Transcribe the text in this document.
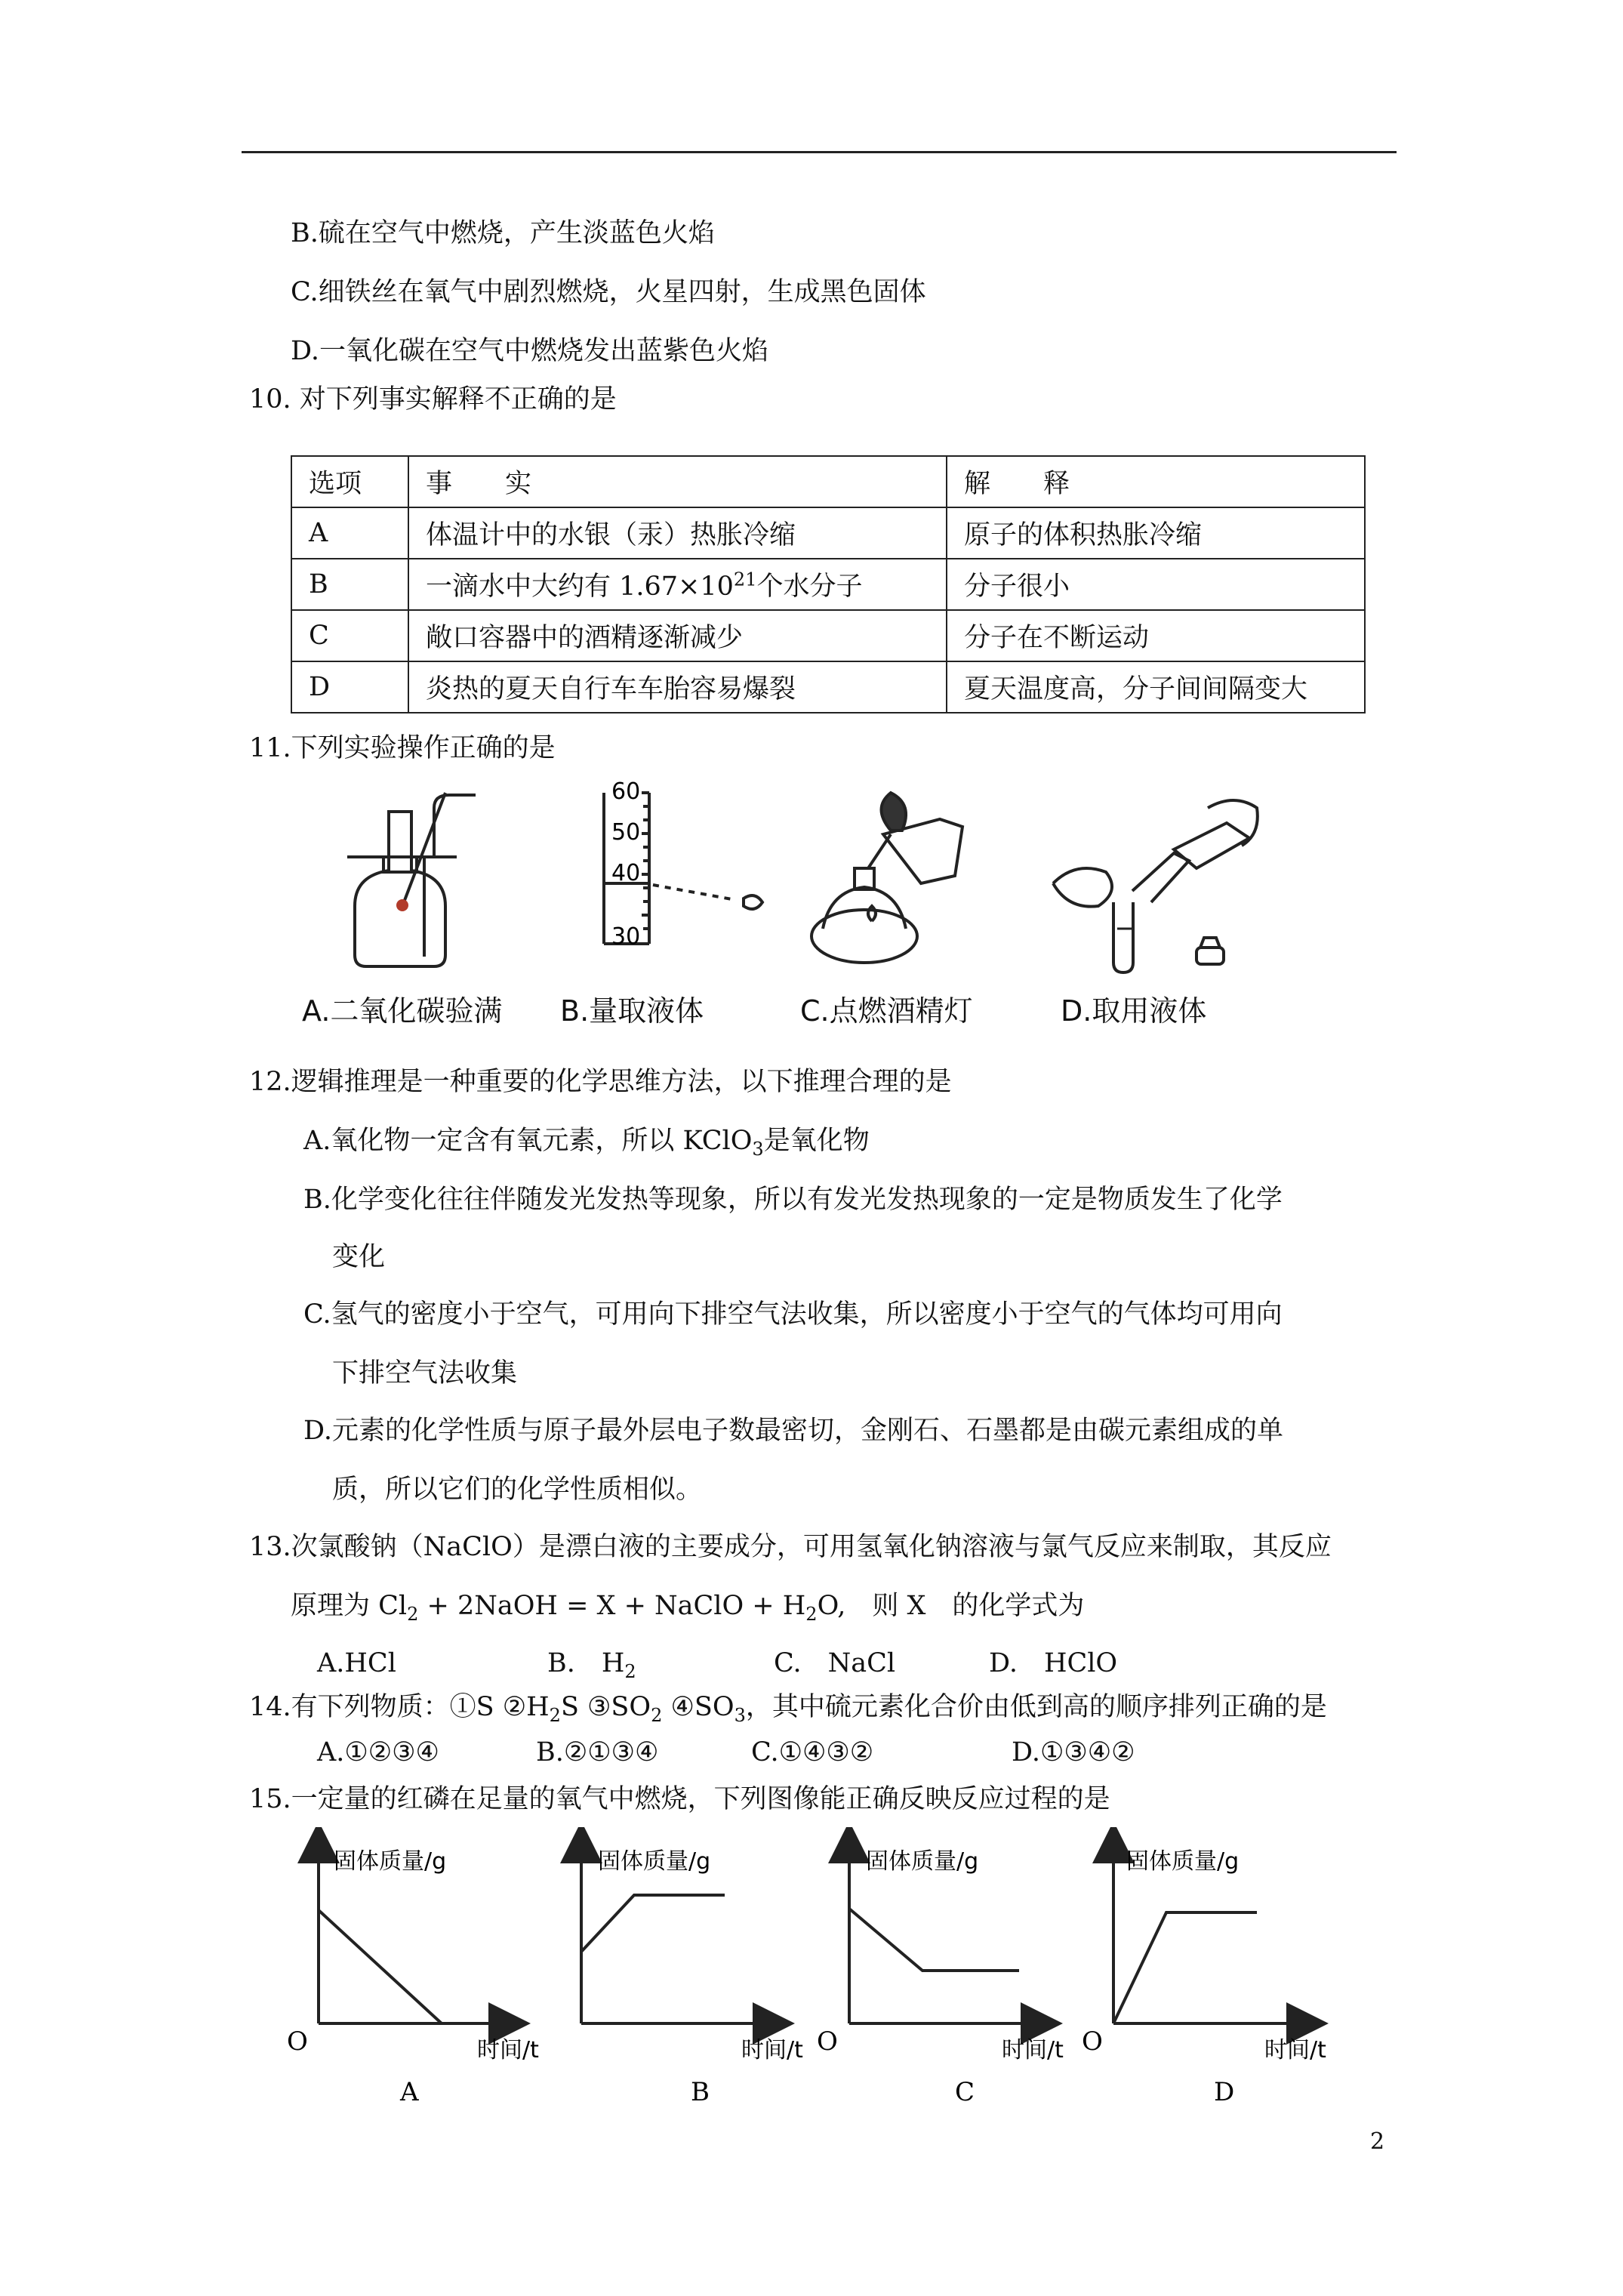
B.硫在空气中燃烧，产生淡蓝色火焰
C.细铁丝在氧气中剧烈燃烧，火星四射，生成黑色固体
D.一氧化碳在空气中燃烧发出蓝紫色火焰
10. 对下列事实解释不正确的是
选项	事　　实	解　　释
A	体温计中的水银（汞）热胀冷缩	原子的体积热胀冷缩
B	一滴水中大约有 $1.67\times 10^{21}$个水分子	分子很小
C	敞口容器中的酒精逐渐减少	分子在不断运动
D	炎热的夏天自行车车胎容易爆裂	夏天温度高，分子间间隔变大
11.下列实验操作正确的是
60
50
40
30
A.二氧化碳验满 B.量取液体	C.点燃酒精灯	D.取用液体
12.逻辑推理是一种重要的化学思维方法，以下推理合理的是
A.氧化物一定含有氧元素，所以 KClO$_3$是氧化物
B.化学变化往往伴随发光发热等现象，所以有发光发热现象的一定是物质发生了化学
变化
C.氢气的密度小于空气，可用向下排空气法收集，所以密度小于空气的气体均可用向
下排空气法收集
D.元素的化学性质与原子最外层电子数最密切，金刚石、石墨都是由碳元素组成的单
质，所以它们的化学性质相似。
13.次氯酸钠（NaClO）是漂白液的主要成分，可用氢氧化钠溶液与氯气反应来制取，其反应
原理为 $Cl_2$ + 2NaOH = X + NaClO + $H_2O$,　则 X　的化学式为
A.HCl	B.　$H_2$	C.　NaCl	D.　HClO
14.有下列物质：①S $②H_2S$ $③SO_2$ $④SO_3$，其中硫元素化合价由低到高的顺序排列正确的是
A.①②③④	B.②①③④	C.①④③②	D.①③④②
15.一定量的红磷在足量的氧气中燃烧，下列图像能正确反映反应过程的是
固体质量/g
时间/t
O
A
固体质量/g
时间/t
B
固体质量/g
时间/t
O
C
固体质量/g
时间/t
O
D
2
